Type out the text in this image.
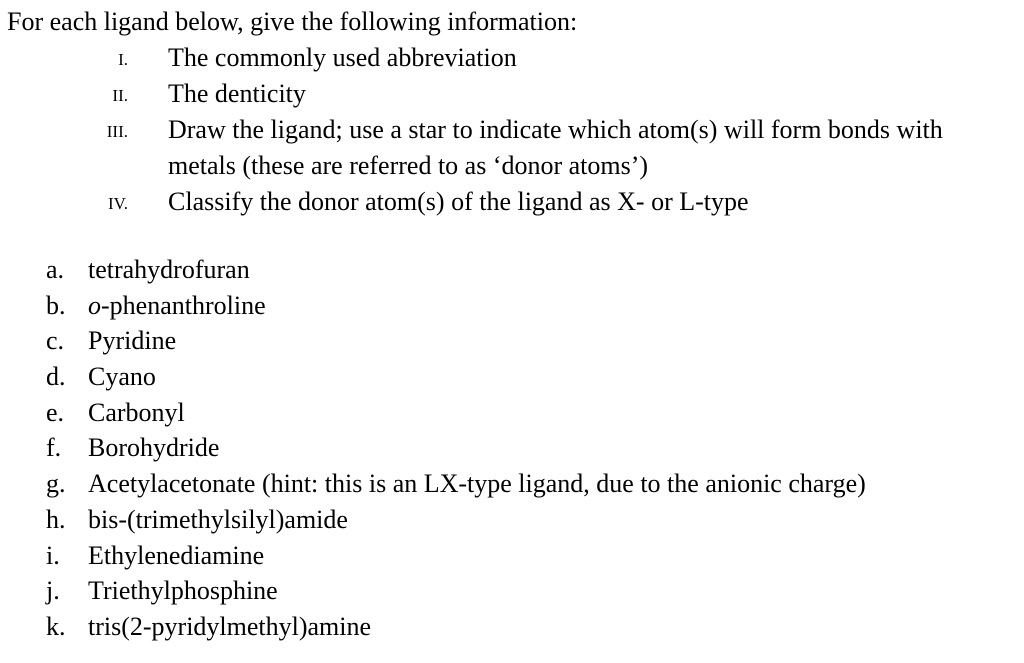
For each ligand below, give the following information:
I. The commonly used abbreviation
II. The denticity
III. Draw the ligand; use a star to indicate which atom(s) will form bonds with
metals (these are referred to as ‘donor atoms’)
IV. Classify the donor atom(s) of the ligand as X- or L-type
a. tetrahydrofuran
b. o-phenanthroline
c. Pyridine
d. Cyano
e. Carbonyl
f. Borohydride
g. Acetylacetonate (hint: this is an LX-type ligand, due to the anionic charge)
h. bis-(trimethylsilyl)amide
i. Ethylenediamine
j. Triethylphosphine
k. tris(2-pyridylmethyl)amine
